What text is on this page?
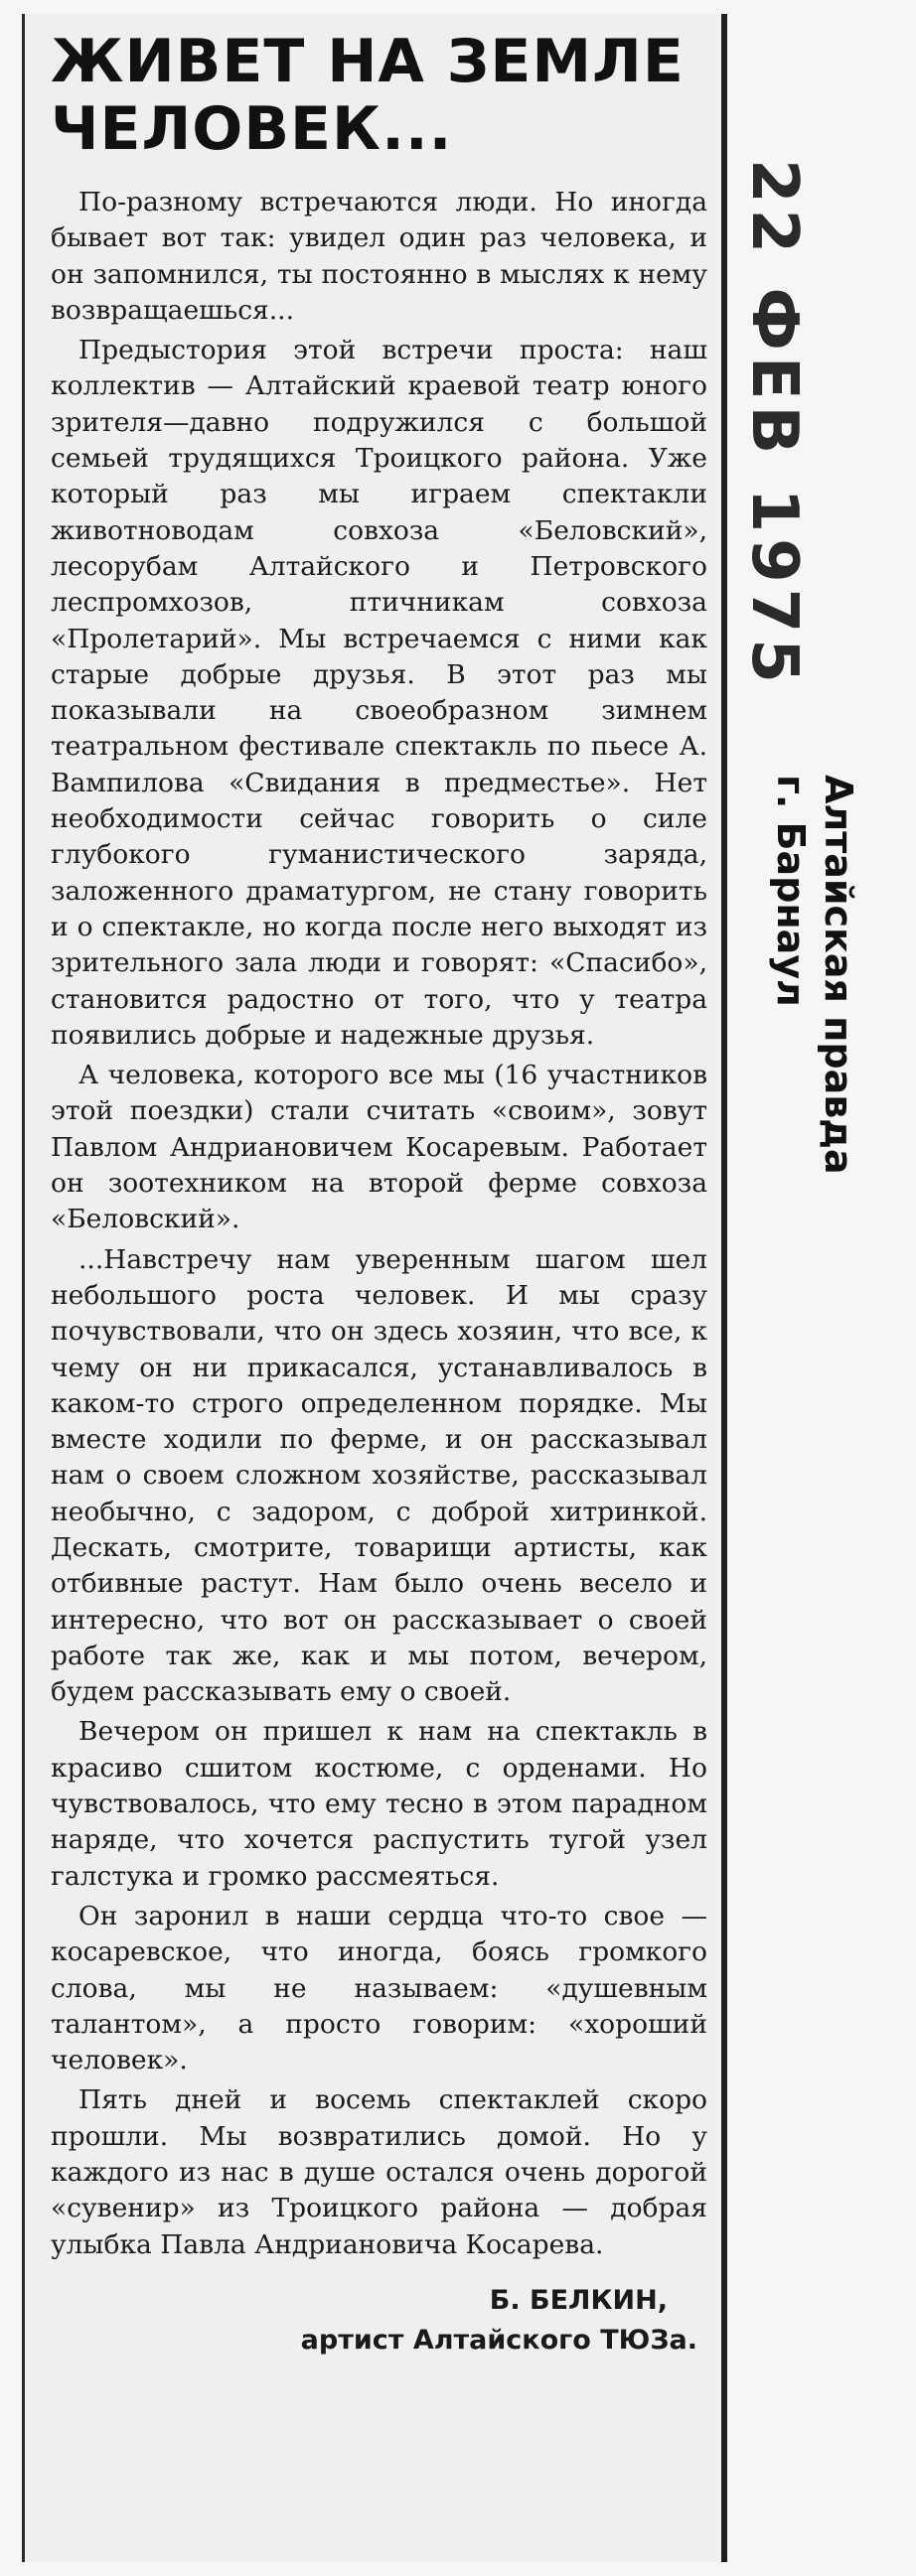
ЖИВЕТ НА ЗЕМЛЕ
ЧЕЛОВЕК...

По-разному встречаются люди. Но иногда бывает вот так: увидел один раз человека, и он запомнился, ты постоянно в мыслях к нему возвращаешься...

Предыстория этой встречи проста: наш коллектив — Алтайский краевой театр юного зрителя—давно подружился с большой семьей трудящихся Троицкого района. Уже который раз мы играем спектакли животноводам совхоза «Беловский», лесорубам Алтайского и Петровского леспромхозов, птичникам совхоза «Пролетарий». Мы встречаемся с ними как старые добрые друзья. В этот раз мы показывали на своеобразном зимнем театральном фестивале спектакль по пьесе А. Вампилова «Свидания в предместье». Нет необходимости сейчас говорить о силе глубокого гуманистического заряда, заложенного драматургом, не стану говорить и о спектакле, но когда после него выходят из зрительного зала люди и говорят: «Спасибо», становится радостно от того, что у театра появились добрые и надежные друзья.

А человека, которого все мы (16 участников этой поездки) стали считать «своим», зовут Павлом Андриановичем Косаревым. Работает он зоотехником на второй ферме совхоза «Беловский».

...Навстречу нам уверенным шагом шел небольшого роста человек. И мы сразу почувствовали, что он здесь хозяин, что все, к чему он ни прикасался, устанавливалось в каком-то строго определенном порядке. Мы вместе ходили по ферме, и он рассказывал нам о своем сложном хозяйстве, рассказывал необычно, с задором, с доброй хитринкой. Дескать, смотрите, товарищи артисты, как отбивные растут. Нам было очень весело и интересно, что вот он рассказывает о своей работе так же, как и мы потом, вечером, будем рассказывать ему о своей.

Вечером он пришел к нам на спектакль в красиво сшитом костюме, с орденами. Но чувствовалось, что ему тесно в этом парадном наряде, что хочется распустить тугой узел галстука и громко рассмеяться.

Он заронил в наши сердца что-то свое — косаревское, что иногда, боясь громкого слова, мы не называем: «душевным талантом», а просто говорим: «хороший человек».

Пять дней и восемь спектаклей скоро прошли. Мы возвратились домой. Но у каждого из нас в душе остался очень дорогой «сувенир» из Троицкого района — добрая улыбка Павла Андриановича Косарева.

Б. БЕЛКИН,
артист Алтайского ТЮЗа.
22 ФЕВ 1975
Алтайская правда
г. Барнаул
